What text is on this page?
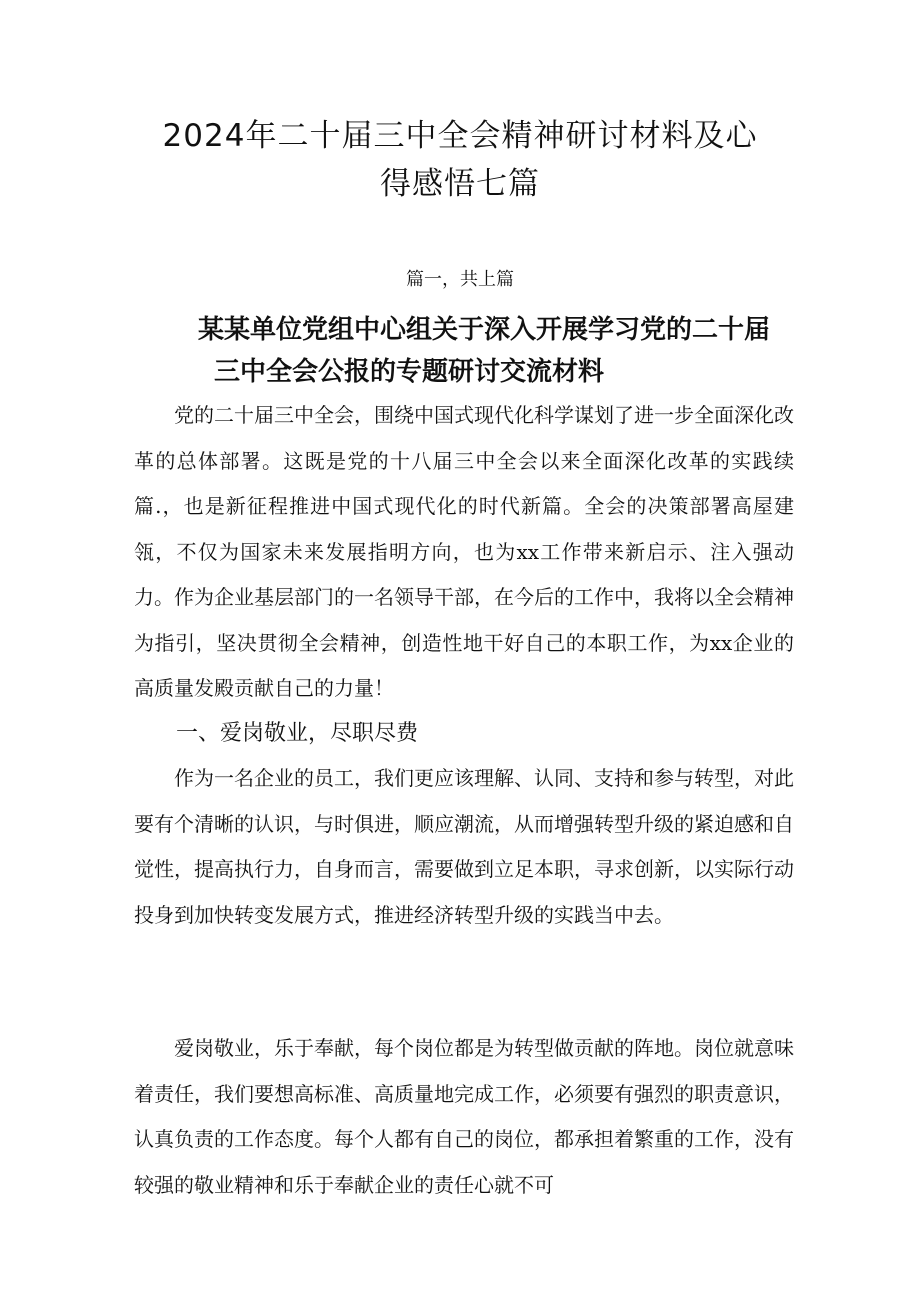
2024年二十届三中全会精神研讨材料及心
得感悟七篇
篇一，共上篇
某某单位党组中心组关于深入开展学习党的二十届
三中全会公报的专题研讨交流材料

党的二十届三中全会，围绕中国式现代化科学谋划了进一步全面深化改革的总体部署。这既是党的十八届三中全会以来全面深化改革的实践续篇.，也是新征程推进中国式现代化的时代新篇。全会的决策部署高屋建瓴，不仅为国家未来发展指明方向，也为xx工作带来新启示、注入强动力。作为企业基层部门的一名领导干部，在今后的工作中，我将以全会精神为指引，坚决贯彻全会精神，创造性地干好自己的本职工作，为xx企业的高质量发殿贡献自己的力量！

一、爱岗敬业，尽职尽费

作为一名企业的员工，我们更应该理解、认同、支持和参与转型，对此要有个清晰的认识，与时俱进，顺应潮流，从而增强转型升级的紧迫感和自觉性，提高执行力，自身而言，需要做到立足本职，寻求创新，以实际行动投身到加快转变发展方式，推进经济转型升级的实践当中去。

爱岗敬业，乐于奉献，每个岗位都是为转型做贡献的阵地。岗位就意味着责任，我们要想高标准、高质量地完成工作，必须要有强烈的职责意识，认真负责的工作态度。每个人都有自己的岗位，都承担着繁重的工作，没有较强的敬业精神和乐于奉献企业的责任心就不可
